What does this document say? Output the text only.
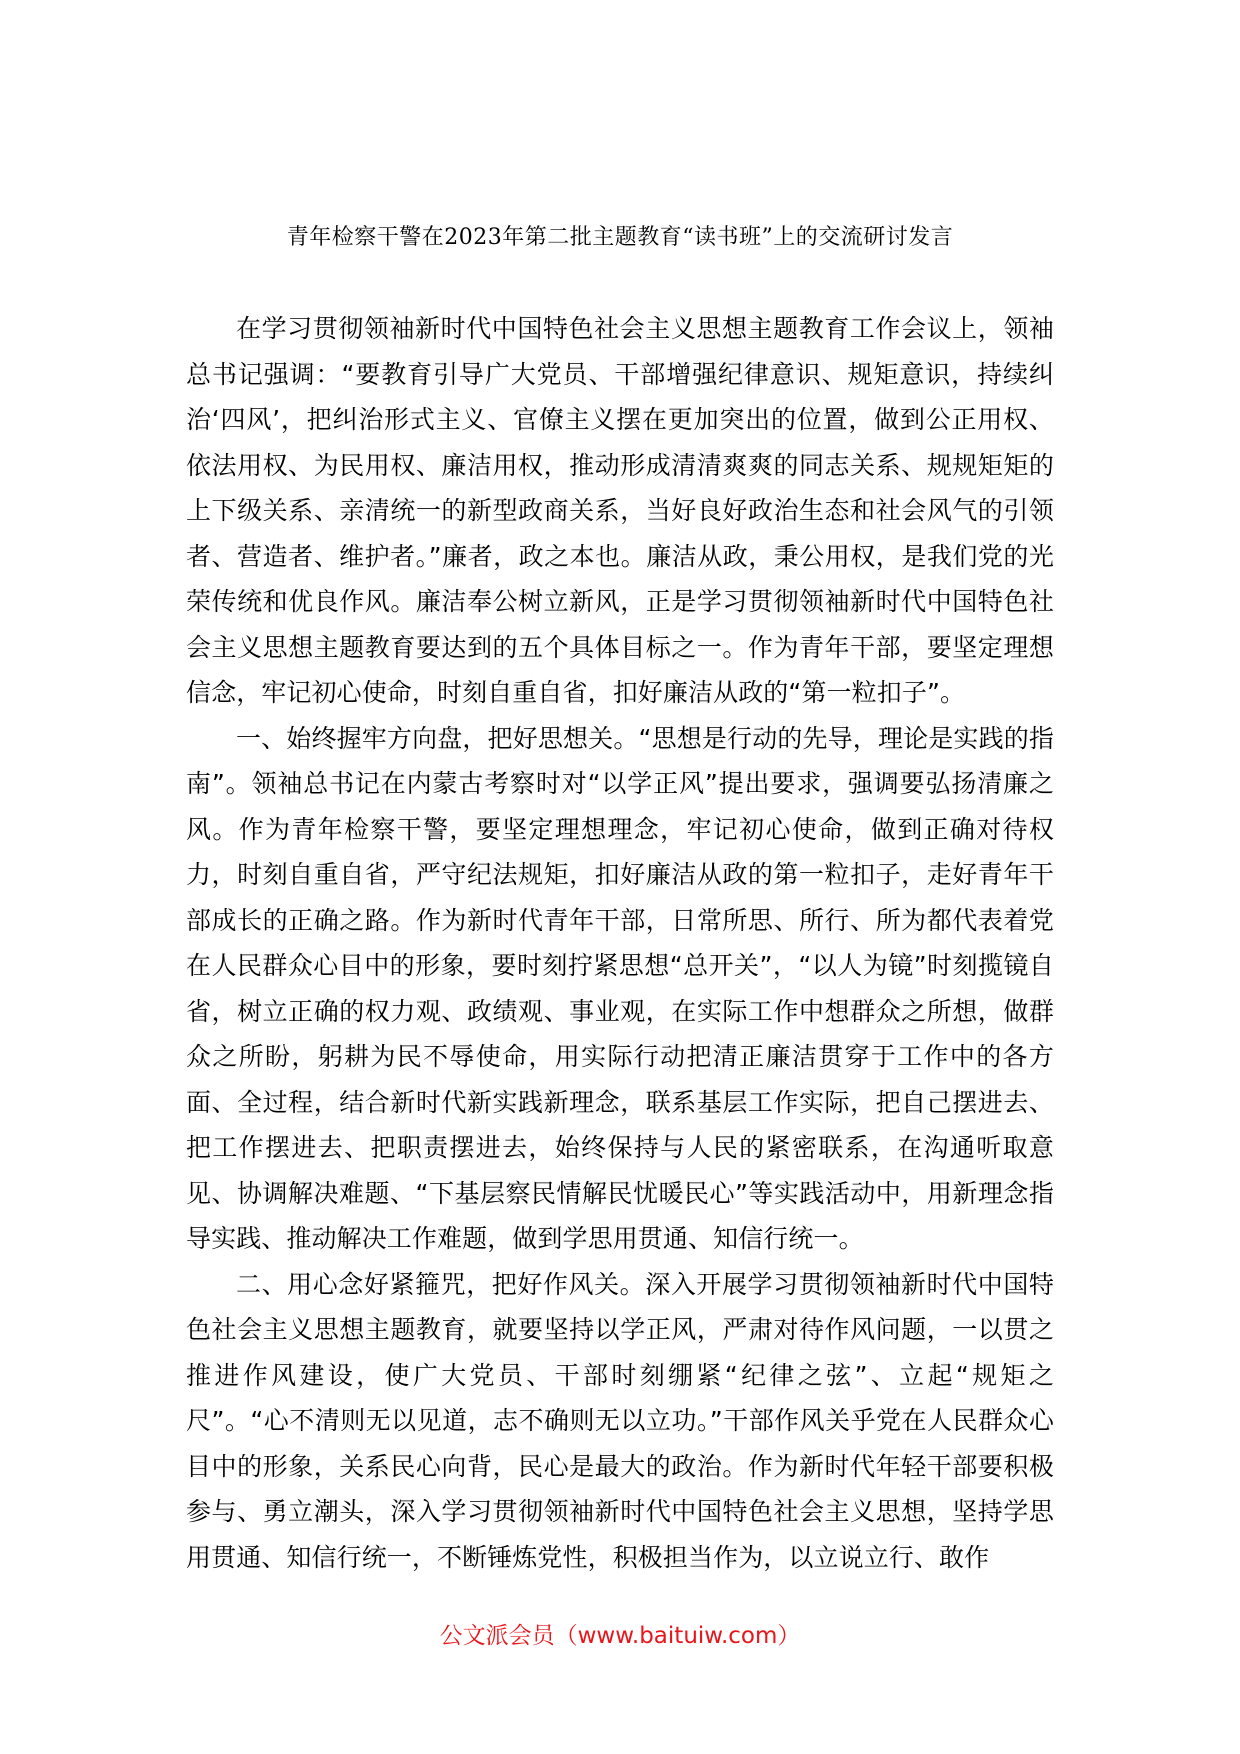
青年检察干警在2023年第二批主题教育“读书班”上的交流研讨发言

在学习贯彻领袖新时代中国特色社会主义思想主题教育工作会议上，领袖总书记强调：“要教育引导广大党员、干部增强纪律意识、规矩意识，持续纠治‘四风’，把纠治形式主义、官僚主义摆在更加突出的位置，做到公正用权、依法用权、为民用权、廉洁用权，推动形成清清爽爽的同志关系、规规矩矩的上下级关系、亲清统一的新型政商关系，当好良好政治生态和社会风气的引领者、营造者、维护者。”廉者，政之本也。廉洁从政，秉公用权，是我们党的光荣传统和优良作风。廉洁奉公树立新风，正是学习贯彻领袖新时代中国特色社会主义思想主题教育要达到的五个具体目标之一。作为青年干部，要坚定理想信念，牢记初心使命，时刻自重自省，扣好廉洁从政的“第一粒扣子”。

一、始终握牢方向盘，把好思想关。“思想是行动的先导，理论是实践的指南”。领袖总书记在内蒙古考察时对“以学正风”提出要求，强调要弘扬清廉之风。作为青年检察干警，要坚定理想理念，牢记初心使命，做到正确对待权力，时刻自重自省，严守纪法规矩，扣好廉洁从政的第一粒扣子，走好青年干部成长的正确之路。作为新时代青年干部，日常所思、所行、所为都代表着党在人民群众心目中的形象，要时刻拧紧思想“总开关”，“以人为镜”时刻揽镜自省，树立正确的权力观、政绩观、事业观，在实际工作中想群众之所想，做群众之所盼，躬耕为民不辱使命，用实际行动把清正廉洁贯穿于工作中的各方面、全过程，结合新时代新实践新理念，联系基层工作实际，把自己摆进去、把工作摆进去、把职责摆进去，始终保持与人民的紧密联系，在沟通听取意见、协调解决难题、“下基层察民情解民忧暖民心”等实践活动中，用新理念指导实践、推动解决工作难题，做到学思用贯通、知信行统一。

二、用心念好紧箍咒，把好作风关。深入开展学习贯彻领袖新时代中国特色社会主义思想主题教育，就要坚持以学正风，严肃对待作风问题，一以贯之推进作风建设，使广大党员、干部时刻绷紧“纪律之弦”、立起“规矩之尺”。“心不清则无以见道，志不确则无以立功。”干部作风关乎党在人民群众心目中的形象，关系民心向背，民心是最大的政治。作为新时代年轻干部要积极参与、勇立潮头，深入学习贯彻领袖新时代中国特色社会主义思想，坚持学思用贯通、知信行统一，不断锤炼党性，积极担当作为，以立说立行、敢作

公文派会员（www.baituiw.com）
